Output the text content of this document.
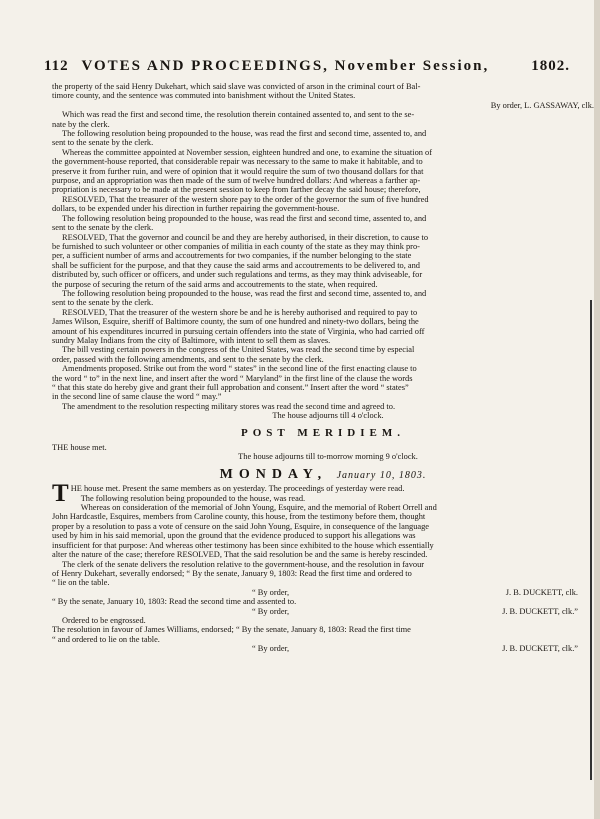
112 VOTES AND PROCEEDINGS, November Session,	1802.

the property of the said Henry Dukehart, which said slave was convicted of arson in the criminal court of Bal-

timore county, and the sentence was commuted into banishment without the United States.

By order, L. GASSAWAY, clk.

Which was read the first and second time, the resolution therein contained assented to, and sent to the se-

nate by the clerk.

The following resolution being propounded to the house, was read the first and second time, assented to, and

sent to the senate by the clerk.

Whereas the committee appointed at November session, eighteen hundred and one, to examine the situation of

the government-house reported, that considerable repair was necessary to the same to make it habitable, and to

preserve it from further ruin, and were of opinion that it would require the sum of two thousand dollars for that

purpose, and an appropriation was then made of the sum of twelve hundred dollars: And whereas a farther ap-

propriation is necessary to be made at the present session to keep from farther decay the said house; therefore,

RESOLVED, That the treasurer of the western shore pay to the order of the governor the sum of five hundred

dollars, to be expended under his direction in further repairing the government-house.

The following resolution being propounded to the house, was read the first and second time, assented to, and

sent to the senate by the clerk.

RESOLVED, That the governor and council be and they are hereby authorised, in their discretion, to cause to

be furnished to such volunteer or other companies of militia in each county of the state as they may think pro-

per, a sufficient number of arms and accoutrements for two companies, if the number belonging to the state

shall be sufficient for the purpose, and that they cause the said arms and accoutrements to be delivered to, and

distributed by, such officer or officers, and under such regulations and terms, as they may think adviseable, for

the purpose of securing the return of the said arms and accoutrements to the state, when required.

The following resolution being propounded to the house, was read the first and second time, assented to, and

sent to the senate by the clerk.

RESOLVED, That the treasurer of the western shore be and he is hereby authorised and required to pay to

James Wilson, Esquire, sheriff of Baltimore county, the sum of one hundred and ninety-two dollars, being the

amount of his expenditures incurred in pursuing certain offenders into the state of Virginia, who had carried off

sundry Malay Indians from the city of Baltimore, with intent to sell them as slaves.

The bill vesting certain powers in the congress of the United States, was read the second time by especial

order, passed with the following amendments, and sent to the senate by the clerk.

Amendments proposed. Strike out from the word “ states” in the second line of the first enacting clause to

the word “ to” in the next line, and insert after the word “ Maryland” in the first line of the clause the words

“ that this state do hereby give and grant their full approbation and consent.” Insert after the word “ states”

in the second line of same clause the word “ may.”

The amendment to the resolution respecting military stores was read the second time and agreed to.

The house adjourns till 4 o'clock.

POST MERIDIEM.

THE house met.

The house adjourns till to-morrow morning 9 o'clock.

MONDAY, January 10, 1803.
T HE house met. Present the same members as on yesterday. The proceedings of yesterday were read.

The following resolution being propounded to the house, was read.

Whereas on consideration of the memorial of John Young, Esquire, and the memorial of Robert Orrell and

John Hardcastle, Esquires, members from Caroline county, this house, from the testimony before them, thought

proper by a resolution to pass a vote of censure on the said John Young, Esquire, in consequence of the language

used by him in his said memorial, upon the ground that the evidence produced to support his allegations was

insufficient for that purpose: And whereas other testimony has been since exhibited to the house which essentially

alter the nature of the case; therefore RESOLVED, That the said resolution be and the same is hereby rescinded.

The clerk of the senate delivers the resolution relative to the government-house, and the resolution in favour

of Henry Dukehart, severally endorsed; “ By the senate, January 9, 1803: Read the first time and ordered to

“ lie on the table.

“ By order,	J. B. DUCKETT, clk.

“ By the senate, January 10, 1803: Read the second time and assented to.

“ By order,	J. B. DUCKETT, clk.”

Ordered to be engrossed.

The resolution in favour of James Williams, endorsed; “ By the senate, January 8, 1803: Read the first time

“ and ordered to lie on the table.

“ By order,	J. B. DUCKETT, clk.”
